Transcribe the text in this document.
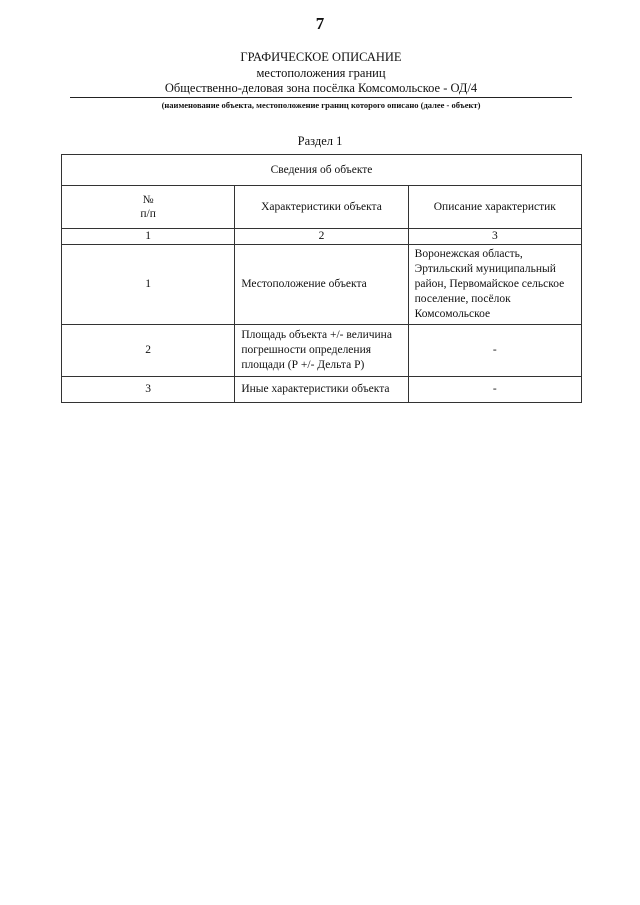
7
ГРАФИЧЕСКОЕ ОПИСАНИЕ
местоположения границ
Общественно-деловая зона посёлка Комсомольское - ОД/4
(наименование объекта, местоположение границ которого описано (далее - объект)
Раздел 1
Сведения об объекте		
№
п/п	Характеристики объекта	Описание характеристик
1	2	3
1	Местоположение объекта	Воронежская область, Эртильский муниципальный район, Первомайское сельское поселение, посёлок Комсомольское
2	Площадь объекта +/- величина погрешности определения площади (Р +/- Дельта Р)	-
3	Иные характеристики объекта	-
